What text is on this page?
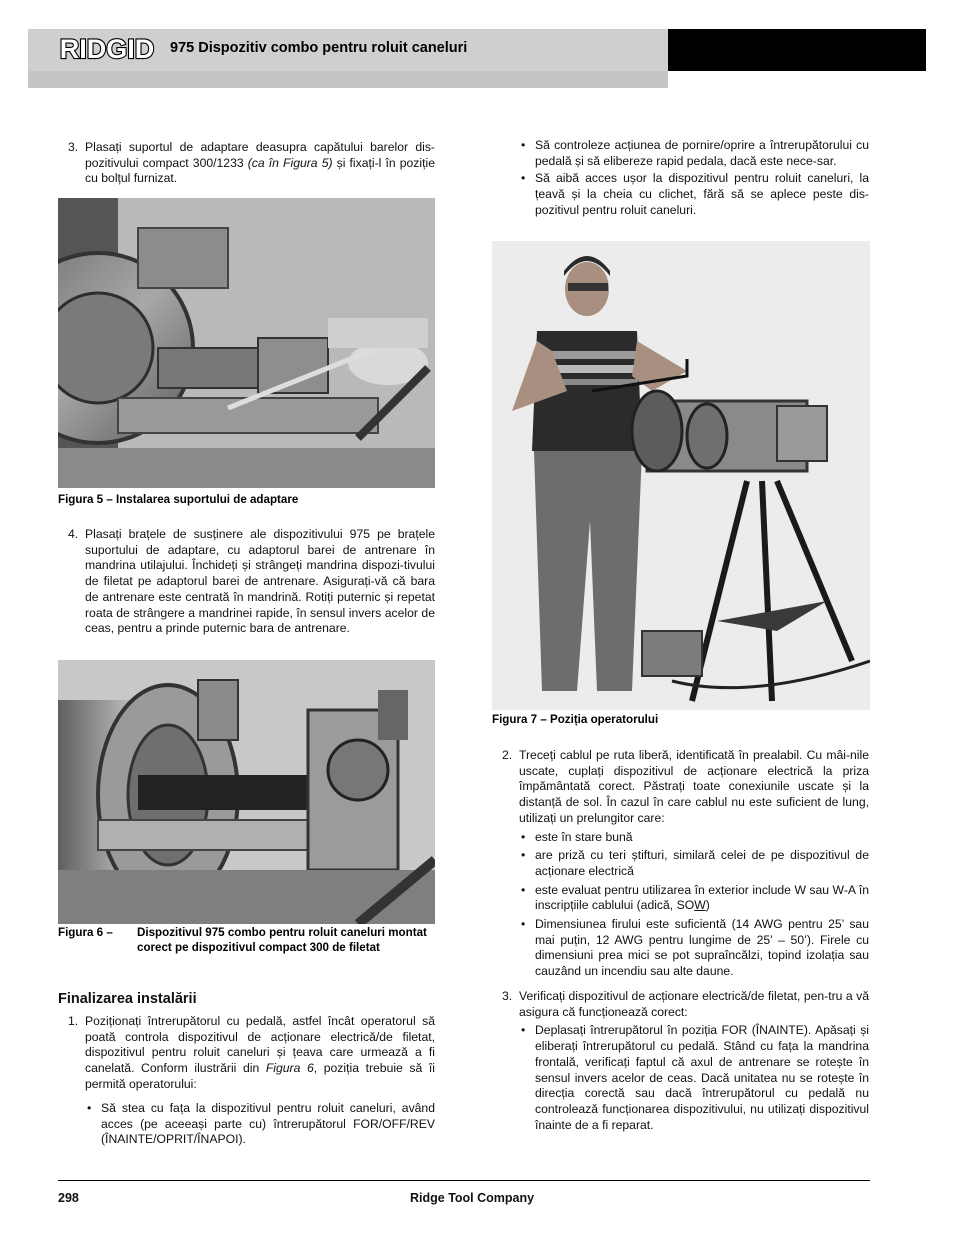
RIDGID 975 Dispozitiv combo pentru roluit caneluri
3. Plasați suportul de adaptare deasupra capătului barelor dis-pozitivului compact 300/1233 (ca în Figura 5) și fixați-l în poziție cu bolțul furnizat.
Figura 5 – Instalarea suportului de adaptare
4. Plasați brațele de susținere ale dispozitivului 975 pe brațele suportului de adaptare, cu adaptorul barei de antrenare în mandrina utilajului. Închideți și strângeți mandrina dispozi-tivului de filetat pe adaptorul barei de antrenare. Asigurați-vă că bara de antrenare este centrată în mandrină. Rotiți puternic și repetat roata de strângere a mandrinei rapide, în sensul invers acelor de ceas, pentru a prinde puternic bara de antrenare.
Figura 6 – Dispozitivul 975 combo pentru roluit caneluri montat corect pe dispozitivul compact 300 de filetat
Finalizarea instalării
1. Poziționați întrerupătorul cu pedală, astfel încât operatorul să poată controla dispozitivul de acționare electrică/de filetat, dispozitivul pentru roluit caneluri și țeava care urmează a fi canelată. Conform ilustrării din Figura 6, poziția trebuie să îi permită operatorului:
• Să stea cu fața la dispozitivul pentru roluit caneluri, având acces (pe aceeași parte cu) întrerupătorul FOR/OFF/REV (ÎNAINTE/OPRIT/ÎNAPOI).
• Să controleze acțiunea de pornire/oprire a întrerupătorului cu pedală și să elibereze rapid pedala, dacă este nece-sar.
• Să aibă acces ușor la dispozitivul pentru roluit caneluri, la țeavă și la cheia cu clichet, fără să se aplece peste dis-pozitivul pentru roluit caneluri.
Figura 7 – Poziția operatorului
2. Treceți cablul pe ruta liberă, identificată în prealabil. Cu mâi-nile uscate, cuplați dispozitivul de acționare electrică la priza împământată corect. Păstrați toate conexiunile uscate și la distanță de sol. În cazul în care cablul nu este suficient de lung, utilizați un prelungitor care:
• este în stare bună
• are priză cu teri știfturi, similară celei de pe dispozitivul de acționare electrică
• este evaluat pentru utilizarea în exterior include W sau W-A în inscripțiile cablului (adică, SOW)
• Dimensiunea firului este suficientă (14 AWG pentru 25’ sau mai puțin, 12 AWG pentru lungime de 25’ – 50’). Firele cu dimensiuni prea mici se pot supraîncălzi, topind izolația sau cauzând un incendiu sau alte daune.
3. Verificați dispozitivul de acționare electrică/de filetat, pen-tru a vă asigura că funcționează corect:
• Deplasați întrerupătorul în poziția FOR (ÎNAINTE). Apăsați și eliberați întrerupătorul cu pedală. Stând cu fața la mandrina frontală, verificați faptul că axul de antrenare se rotește în sensul invers acelor de ceas. Dacă unitatea nu se rotește în direcția corectă sau dacă întrerupătorul cu pedală nu controlează funcționarea dispozitivului, nu utilizați dispozitivul înainte de a fi reparat.
298	Ridge Tool Company
